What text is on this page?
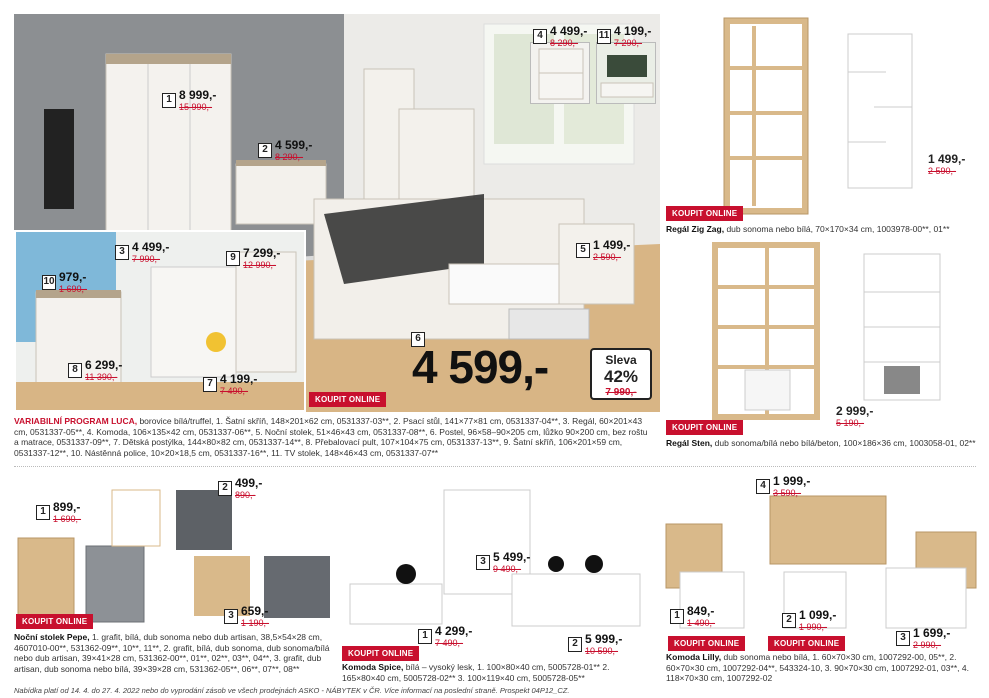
1 8 999,-
15 990,-
2 4 599,-
8 290,-
4 4 499,-
8 290,-
11 4 199,-
7 290,-
5 1 499,-
2 590,-
6
3 4 499,-
7 990,-	9 7 299,-
12 990,-
10 979,-
1 690,-
8 6 299,-
11 390,-
7 4 199,-
7 490,-	4 599,-	Sleva
42%
7 990,-
KOUPIT ONLINE
VARIABILNÍ PROGRAM LUCA, borovice bílá/truffel, 1. Šatní skříň, 148×201×62 cm, 0531337-03**, 2. Psací stůl, 141×77×81 cm, 0531337-04**, 3. Regál, 60×201×43 cm, 0531337-05**, 4. Komoda, 106×135×42 cm, 0531337-06**, 5. Noční stolek, 51×46×43 cm, 0531337-08**, 6. Postel, 96×58–90×205 cm, lůžko 90×200 cm, bez roštu a matrace, 0531337-09**, 7. Dětská postýlka, 144×80×82 cm, 0531337-14**, 8. Přebalovací pult, 107×104×75 cm, 0531337-13**, 9. Šatní skříň, 106×201×59 cm, 0531337-12**, 10. Nástěnná police, 10×20×18,5 cm, 0531337-16**, 11. TV stolek, 148×46×43 cm, 0531337-07**
1 499,-
2 590,-
KOUPIT ONLINE
Regál Zig Zag, dub sonoma nebo bílá, 70×170×34 cm, 1003978-00**, 01**
2 999,-
5 190,-
KOUPIT ONLINE
Regál Sten, dub sonoma/bílá nebo bílá/beton, 100×186×36 cm, 1003058-01, 02**
1 899,-
1 690,-
2 499,-
890,-
3 659,-
1 190,-
KOUPIT ONLINE
Noční stolek Pepe, 1. grafit, bílá, dub sonoma nebo dub artisan, 38,5×54×28 cm, 4607010-00**, 531362-09**, 10**, 11**, 2. grafit, bílá, dub sonoma, dub sonoma/bílá nebo dub artisan, 39×41×28 cm, 531362-00**, 01**, 02**, 03**, 04**, 3. grafit, dub artisan, dub sonoma nebo bílá, 39×39×28 cm, 531362-05**, 06**, 07**, 08**
3 5 499,-
9 490,-
1 4 299,-
7 490,-	2 5 999,-
10 590,-
KOUPIT ONLINE
Komoda Spice, bílá – vysoký lesk, 1. 100×80×40 cm, 5005728-01** 2. 165×80×40 cm, 5005728-02** 3. 100×119×40 cm, 5005728-05**
4 1 999,-
3 590,-
1 849,-
1 490,-	2 1 099,-
1 990,-
3 1 699,-
2 990,-
KOUPIT ONLINE	KOUPIT ONLINE
Komoda Lilly, dub sonoma nebo bílá, 1. 60×70×30 cm, 1007292-00, 05**, 2. 60×70×30 cm, 1007292-04**, 543324-10, 3. 90×70×30 cm, 1007292-01, 03**, 4. 118×70×30 cm, 1007292-02
Nabídka platí od 14. 4. do 27. 4. 2022 nebo do vyprodání zásob ve všech prodejnách ASKO - NÁBYTEK v ČR. Více informací na poslední straně. Prospekt 04P12_CZ.
